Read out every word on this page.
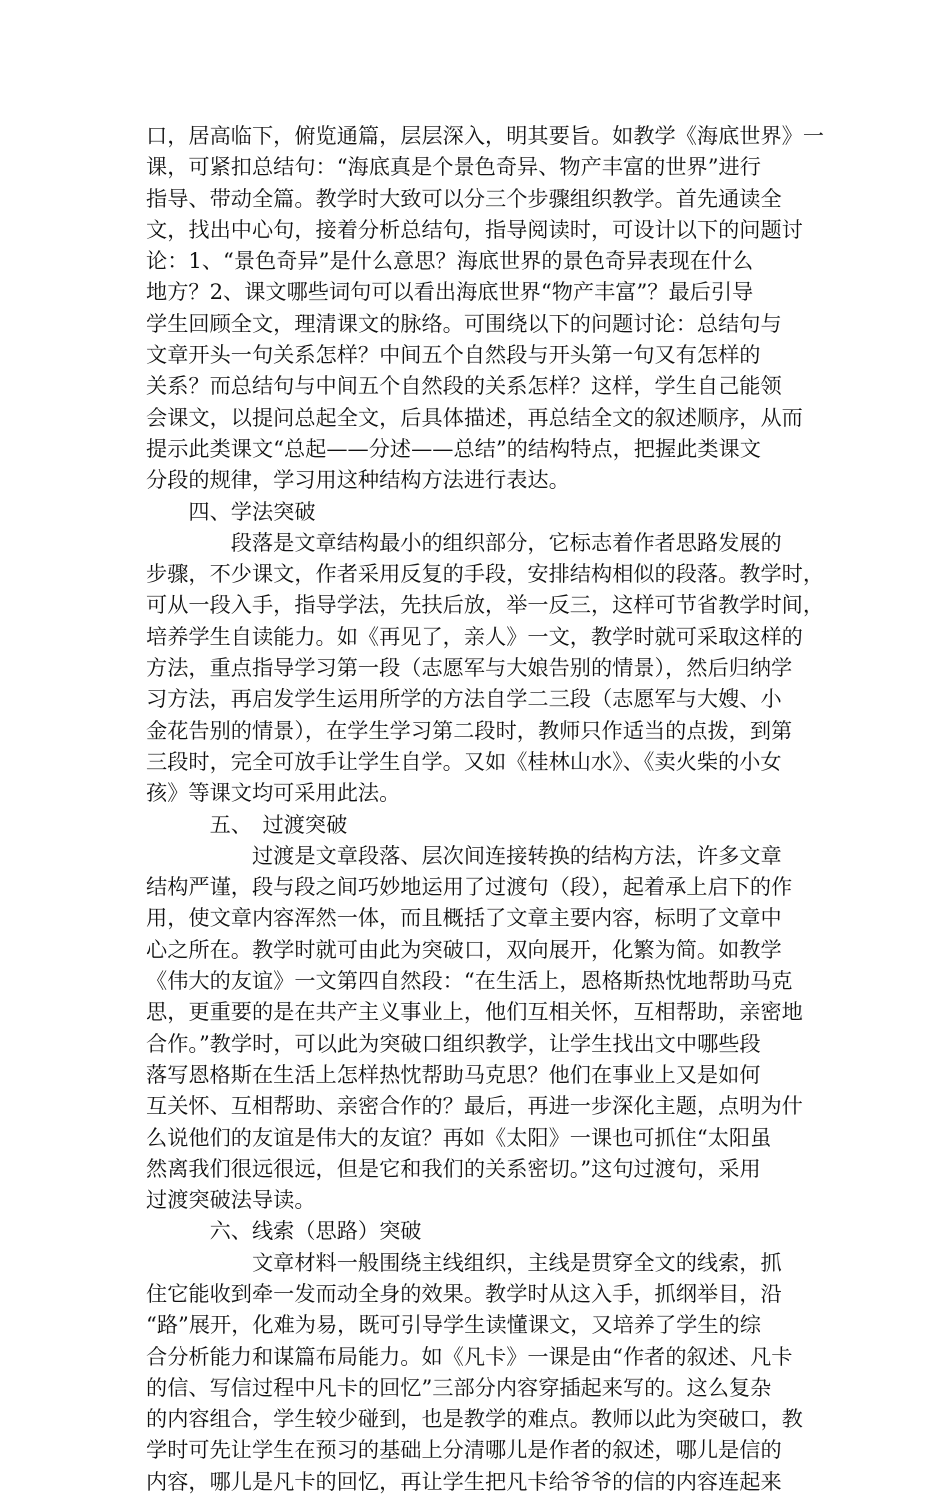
口，居高临下，俯览通篇，层层深入，明其要旨。如教学《海底世界》一
课，可紧扣总结句：“海底真是个景色奇异、物产丰富的世界”进行
指导、带动全篇。教学时大致可以分三个步骤组织教学。首先通读全
文，找出中心句，接着分析总结句，指导阅读时，可设计以下的问题讨
论：1、“景色奇异”是什么意思？海底世界的景色奇异表现在什么
地方？2、课文哪些词句可以看出海底世界“物产丰富”？最后引导
学生回顾全文，理清课文的脉络。可围绕以下的问题讨论：总结句与
文章开头一句关系怎样？中间五个自然段与开头第一句又有怎样的
关系？而总结句与中间五个自然段的关系怎样？这样，学生自己能领
会课文，以提问总起全文，后具体描述，再总结全文的叙述顺序，从而
提示此类课文“总起——分述——总结”的结构特点，把握此类课文
分段的规律，学习用这种结构方法进行表达。
　　四、学法突破
　　　　段落是文章结构最小的组织部分，它标志着作者思路发展的
步骤，不少课文，作者采用反复的手段，安排结构相似的段落。教学时，
可从一段入手，指导学法，先扶后放，举一反三，这样可节省教学时间，
培养学生自读能力。如《再见了，亲人》一文，教学时就可采取这样的
方法，重点指导学习第一段（志愿军与大娘告别的情景），然后归纳学
习方法，再启发学生运用所学的方法自学二三段（志愿军与大嫂、小
金花告别的情景），在学生学习第二段时，教师只作适当的点拨，到第
三段时，完全可放手让学生自学。又如《桂林山水》、《卖火柴的小女
孩》等课文均可采用此法。
　　　五、　过渡突破
　　　　　过渡是文章段落、层次间连接转换的结构方法，许多文章
结构严谨，段与段之间巧妙地运用了过渡句（段），起着承上启下的作
用，使文章内容浑然一体，而且概括了文章主要内容，标明了文章中
心之所在。教学时就可由此为突破口，双向展开，化繁为简。如教学
《伟大的友谊》一文第四自然段：“在生活上，恩格斯热忱地帮助马克
思，更重要的是在共产主义事业上，他们互相关怀，互相帮助，亲密地
合作。”教学时，可以此为突破口组织教学，让学生找出文中哪些段
落写恩格斯在生活上怎样热忱帮助马克思？他们在事业上又是如何
互关怀、互相帮助、亲密合作的？最后，再进一步深化主题，点明为什
么说他们的友谊是伟大的友谊？再如《太阳》一课也可抓住“太阳虽
然离我们很远很远，但是它和我们的关系密切。”这句过渡句，采用
过渡突破法导读。
　　　六、线索（思路）突破
　　　　　文章材料一般围绕主线组织，主线是贯穿全文的线索，抓
住它能收到牵一发而动全身的效果。教学时从这入手，抓纲举目，沿
“路”展开，化难为易，既可引导学生读懂课文，又培养了学生的综
合分析能力和谋篇布局能力。如《凡卡》一课是由“作者的叙述、凡卡
的信、写信过程中凡卡的回忆”三部分内容穿插起来写的。这么复杂
的内容组合，学生较少碰到，也是教学的难点。教师以此为突破口，教
学时可先让学生在预习的基础上分清哪儿是作者的叙述，哪儿是信的
内容，哪儿是凡卡的回忆，再让学生把凡卡给爷爷的信的内容连起来
